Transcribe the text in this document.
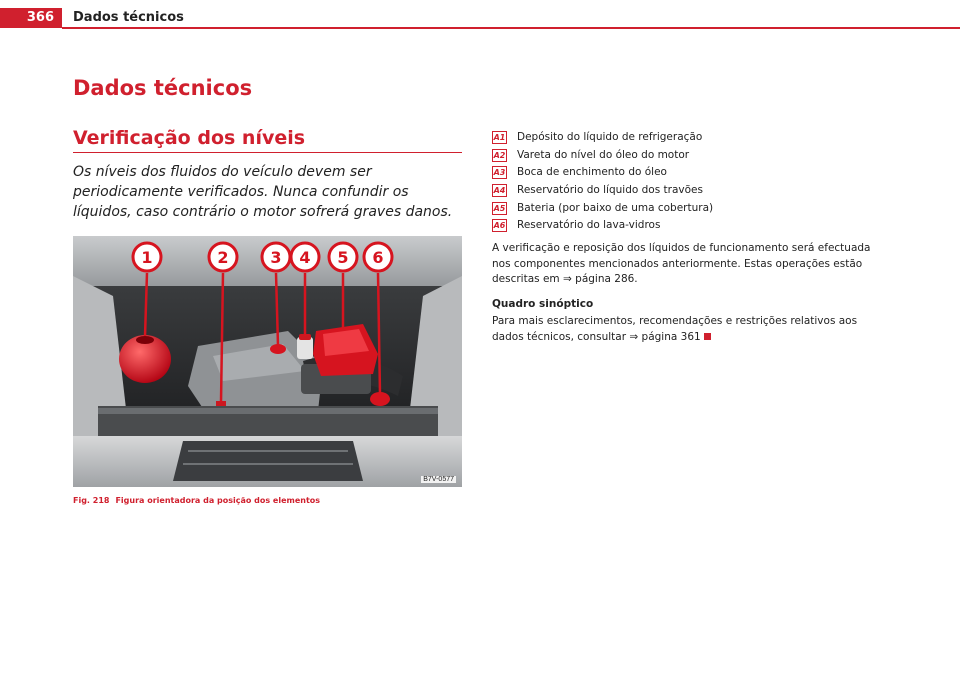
366	Dados técnicos
Dados técnicos
Verificação dos níveis

Os níveis dos fluidos do veículo devem ser periodicamente verificados. Nunca confundir os líquidos, caso contrário o motor sofrerá graves danos.

1	2	3 4 5 6
B7V-0577
Fig. 218 Figura orientadora da posição dos elementos
A1 Depósito do líquido de refrigeração
A2 Vareta do nível do óleo do motor
A3 Boca de enchimento do óleo
A4 Reservatório do líquido dos travões
A5 Bateria (por baixo de uma cobertura)
A6 Reservatório do lava-vidros

A verificação e reposição dos líquidos de funcionamento será efectuada nos componentes mencionados anteriormente. Estas operações estão descritas em ⇒ página 286.

Quadro sinóptico

Para mais esclarecimentos, recomendações e restrições relativos aos dados técnicos, consultar ⇒ página 361
